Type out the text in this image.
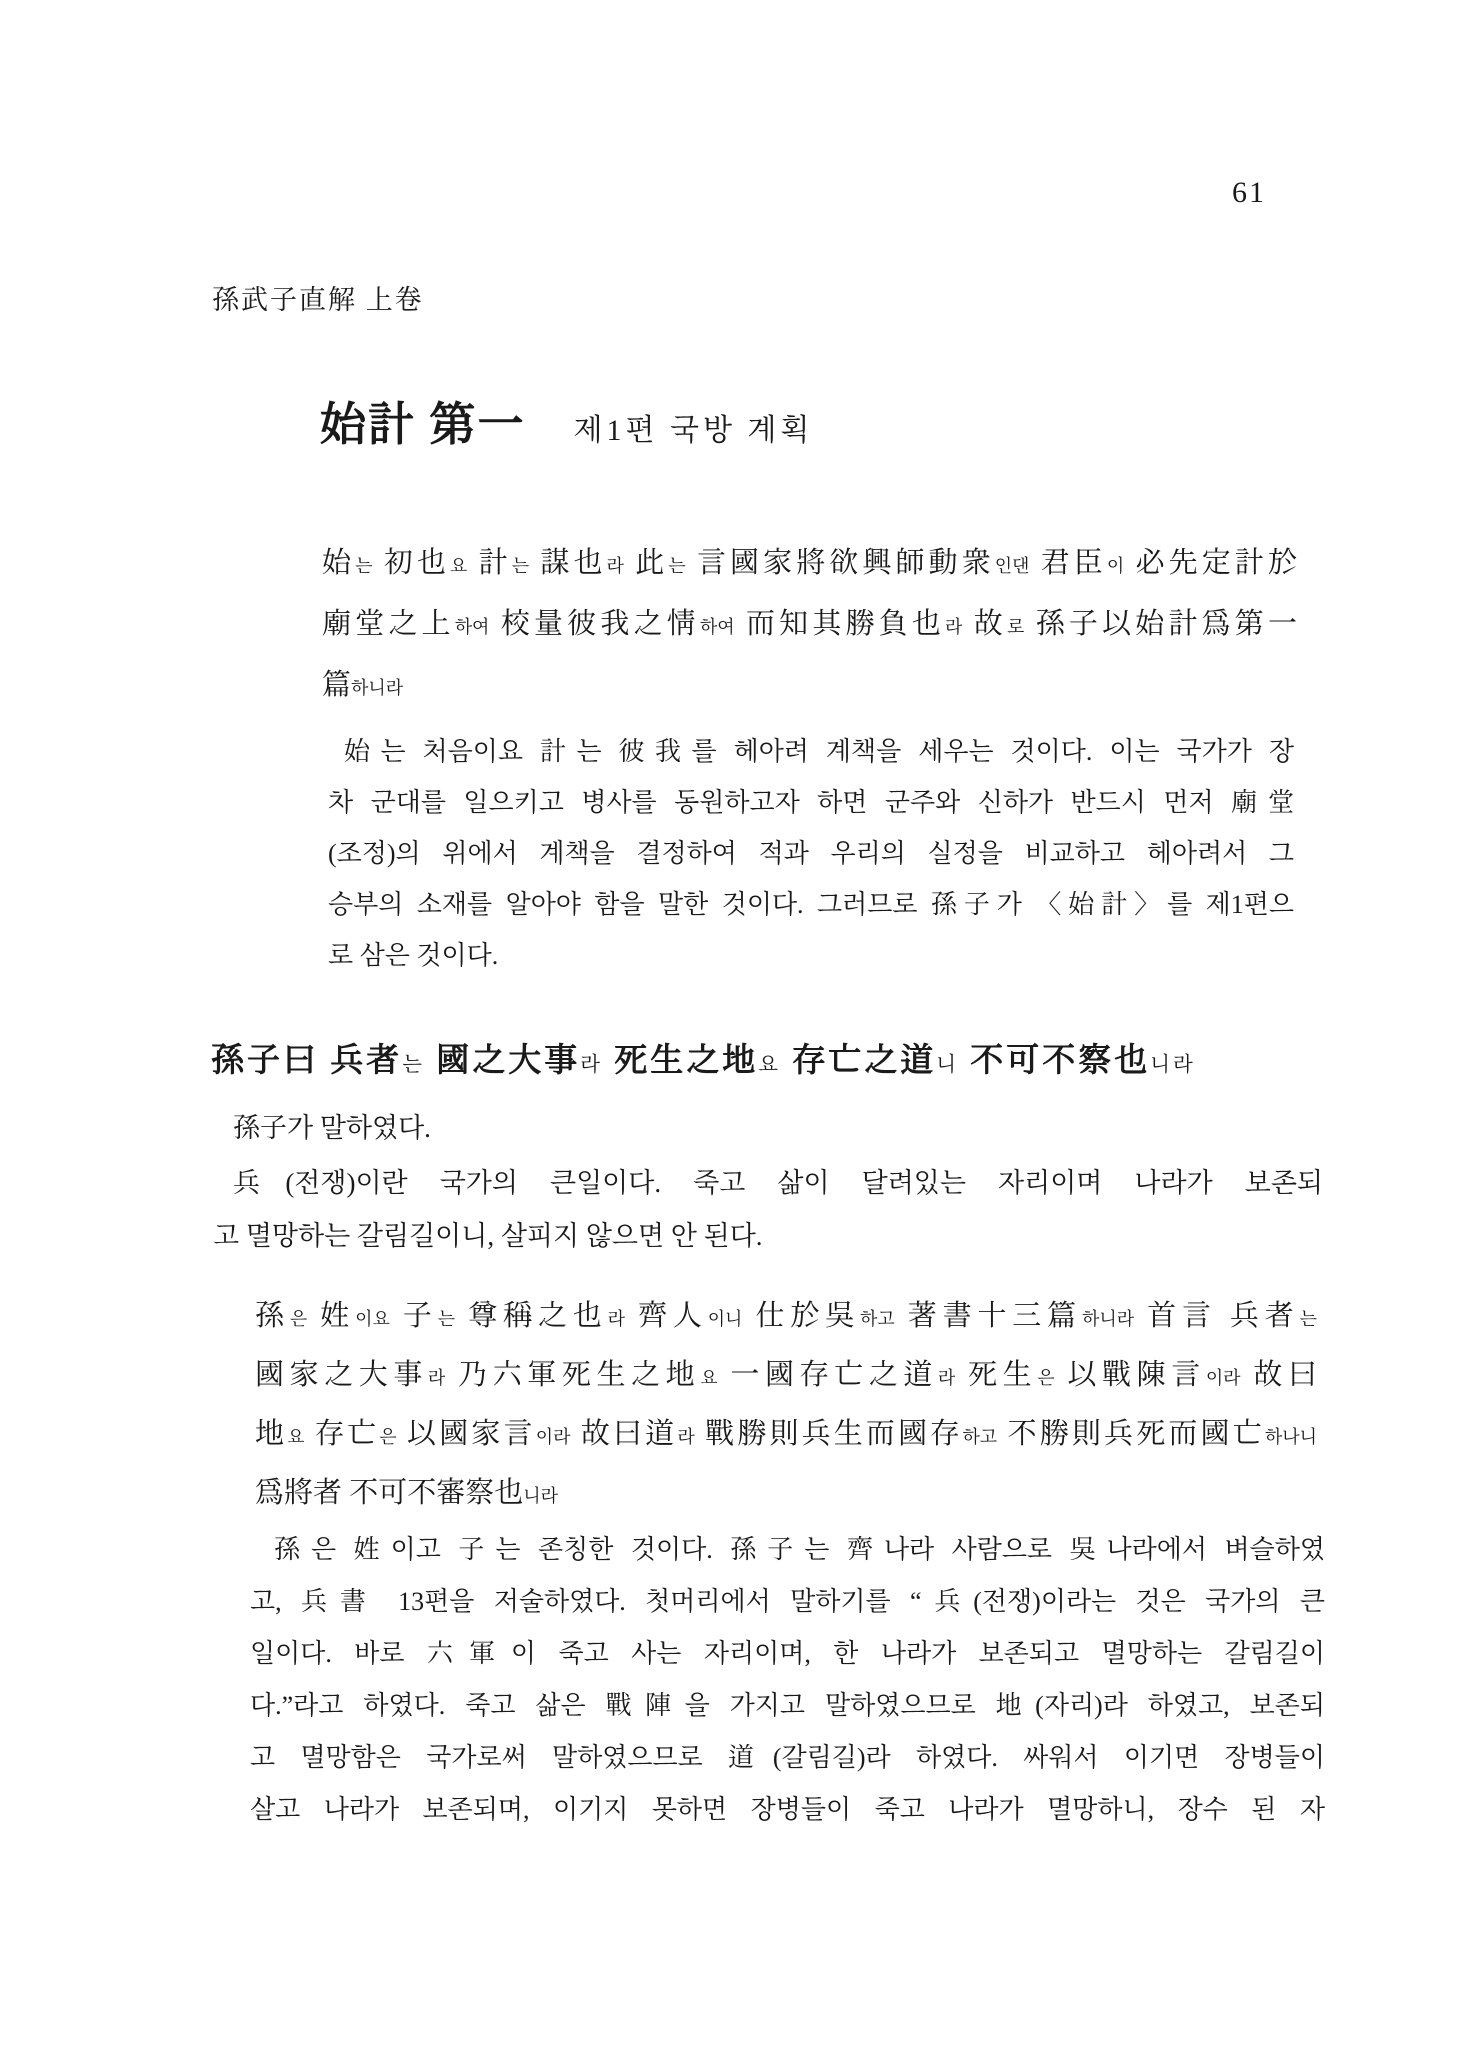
61
孫武子直解 上卷
始計 第一 제1편 국방 계획
始는 初也요 計는 謀也라 此는 言國家將欲興師動衆인댄 君臣이 必先定計於
廟堂之上하여 校量彼我之情하여 而知其勝負也라 故로 孫子以始計爲第一
篇하니라
始는 처음이요 計는 彼我를 헤아려 계책을 세우는 것이다. 이는 국가가 장
차 군대를 일으키고 병사를 동원하고자 하면 군주와 신하가 반드시 먼저 廟堂
(조정)의 위에서 계책을 결정하여 적과 우리의 실정을 비교하고 헤아려서 그
승부의 소재를 알아야 함을 말한 것이다. 그러므로 孫子가 〈始計〉를 제1편으
로 삼은 것이다.
孫子曰 兵者는 國之大事라 死生之地요 存亡之道니 不可不察也니라
孫子가 말하였다.
兵(전쟁)이란 국가의 큰일이다. 죽고 삶이 달려있는 자리이며 나라가 보존되
고 멸망하는 갈림길이니, 살피지 않으면 안 된다.
孫은 姓이요 子는 尊稱之也라 齊人이니 仕於吳하고 著書十三篇하니라 首言 兵者는
國家之大事라 乃六軍死生之地요 一國存亡之道라 死生은 以戰陳言이라 故曰
地요 存亡은 以國家言이라 故曰道라 戰勝則兵生而國存하고 不勝則兵死而國亡하나니
爲將者 不可不審察也니라
孫은 姓이고 子는 존칭한 것이다. 孫子는 齊나라 사람으로 吳나라에서 벼슬하였
고, 兵書 13편을 저술하였다. 첫머리에서 말하기를 “兵(전쟁)이라는 것은 국가의 큰
일이다. 바로 六軍이 죽고 사는 자리이며, 한 나라가 보존되고 멸망하는 갈림길이
다.”라고 하였다. 죽고 삶은 戰陣을 가지고 말하였으므로 地(자리)라 하였고, 보존되
고 멸망함은 국가로써 말하였으므로 道(갈림길)라 하였다. 싸워서 이기면 장병들이
살고 나라가 보존되며, 이기지 못하면 장병들이 죽고 나라가 멸망하니, 장수 된 자
